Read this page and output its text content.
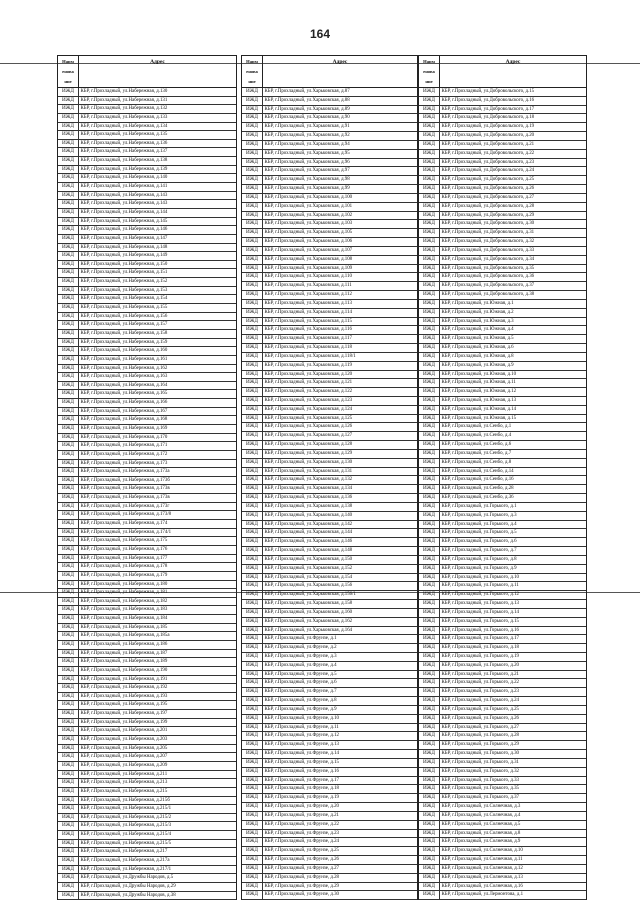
164
Наим
енова
ние
Адрес
ИЖД	КБР, г.Прохладный, ул.Набережная, д.130
ИЖД	КБР, г.Прохладный, ул.Набережная, д.131
ИЖД	КБР, г.Прохладный, ул.Набережная, д.132
ИЖД	КБР, г.Прохладный, ул.Набережная, д.133
ИЖД	КБР, г.Прохладный, ул.Набережная, д.134
ИЖД	КБР, г.Прохладный, ул.Набережная, д.135
ИЖД	КБР, г.Прохладный, ул.Набережная, д.136
ИЖД	КБР, г.Прохладный, ул.Набережная, д.137
ИЖД	КБР, г.Прохладный, ул.Набережная, д.138
ИЖД	КБР, г.Прохладный, ул.Набережная, д.139
ИЖД	КБР, г.Прохладный, ул.Набережная, д.140
ИЖД	КБР, г.Прохладный, ул.Набережная, д.141
ИЖД	КБР, г.Прохладный, ул.Набережная, д.143
ИЖД	КБР, г.Прохладный, ул.Набережная, д.143
ИЖД	КБР, г.Прохладный, ул.Набережная, д.144
ИЖД	КБР, г.Прохладный, ул.Набережная, д.145
ИЖД	КБР, г.Прохладный, ул.Набережная, д.146
ИЖД	КБР, г.Прохладный, ул.Набережная, д.147
ИЖД	КБР, г.Прохладный, ул.Набережная, д.148
ИЖД	КБР, г.Прохладный, ул.Набережная, д.149
ИЖД	КБР, г.Прохладный, ул.Набережная, д.150
ИЖД	КБР, г.Прохладный, ул.Набережная, д.151
ИЖД	КБР, г.Прохладный, ул.Набережная, д.152
ИЖД	КБР, г.Прохладный, ул.Набережная, д.153
ИЖД	КБР, г.Прохладный, ул.Набережная, д.154
ИЖД	КБР, г.Прохладный, ул.Набережная, д.155
ИЖД	КБР, г.Прохладный, ул.Набережная, д.156
ИЖД	КБР, г.Прохладный, ул.Набережная, д.157
ИЖД	КБР, г.Прохладный, ул.Набережная, д.158
ИЖД	КБР, г.Прохладный, ул.Набережная, д.159
ИЖД	КБР, г.Прохладный, ул.Набережная, д.160
ИЖД	КБР, г.Прохладный, ул.Набережная, д.161
ИЖД	КБР, г.Прохладный, ул.Набережная, д.162
ИЖД	КБР, г.Прохладный, ул.Набережная, д.163
ИЖД	КБР, г.Прохладный, ул.Набережная, д.164
ИЖД	КБР, г.Прохладный, ул.Набережная, д.165
ИЖД	КБР, г.Прохладный, ул.Набережная, д.166
ИЖД	КБР, г.Прохладный, ул.Набережная, д.167
ИЖД	КБР, г.Прохладный, ул.Набережная, д.168
ИЖД	КБР, г.Прохладный, ул.Набережная, д.169
ИЖД	КБР, г.Прохладный, ул.Набережная, д.170
ИЖД	КБР, г.Прохладный, ул.Набережная, д.171
ИЖД	КБР, г.Прохладный, ул.Набережная, д.172
ИЖД	КБР, г.Прохладный, ул.Набережная, д.173
ИЖД	КБР, г.Прохладный, ул.Набережная, д.173а
ИЖД	КБР, г.Прохладный, ул.Набережная, д.173б
ИЖД	КБР, г.Прохладный, ул.Набережная, д.173в
ИЖД	КБР, г.Прохладный, ул.Набережная, д.173в
ИЖД	КБР, г.Прохладный, ул.Набережная, д.173г
ИЖД	КБР, г.Прохладный, ул.Набережная, д.173/8
ИЖД	КБР, г.Прохладный, ул.Набережная, д.174
ИЖД	КБР, г.Прохладный, ул.Набережная, д.174/1
ИЖД	КБР, г.Прохладный, ул.Набережная, д.175
ИЖД	КБР, г.Прохладный, ул.Набережная, д.176
ИЖД	КБР, г.Прохладный, ул.Набережная, д.177
ИЖД	КБР, г.Прохладный, ул.Набережная, д.178
ИЖД	КБР, г.Прохладный, ул.Набережная, д.179
ИЖД	КБР, г.Прохладный, ул.Набережная, д.180
ИЖД	КБР, г.Прохладный, ул.Набережная, д.181
ИЖД	КБР, г.Прохладный, ул.Набережная, д.182
ИЖД	КБР, г.Прохладный, ул.Набережная, д.183
ИЖД	КБР, г.Прохладный, ул.Набережная, д.184
ИЖД	КБР, г.Прохладный, ул.Набережная, д.185
ИЖД	КБР, г.Прохладный, ул.Набережная, д.185а
ИЖД	КБР, г.Прохладный, ул.Набережная, д.186
ИЖД	КБР, г.Прохладный, ул.Набережная, д.187
ИЖД	КБР, г.Прохладный, ул.Набережная, д.189
ИЖД	КБР, г.Прохладный, ул.Набережная, д.190
ИЖД	КБР, г.Прохладный, ул.Набережная, д.191
ИЖД	КБР, г.Прохладный, ул.Набережная, д.192
ИЖД	КБР, г.Прохладный, ул.Набережная, д.193
ИЖД	КБР, г.Прохладный, ул.Набережная, д.195
ИЖД	КБР, г.Прохладный, ул.Набережная, д.197
ИЖД	КБР, г.Прохладный, ул.Набережная, д.199
ИЖД	КБР, г.Прохладный, ул.Набережная, д.201
ИЖД	КБР, г.Прохладный, ул.Набережная, д.203
ИЖД	КБР, г.Прохладный, ул.Набережная, д.205
ИЖД	КБР, г.Прохладный, ул.Набережная, д.207
ИЖД	КБР, г.Прохладный, ул.Набережная, д.209
ИЖД	КБР, г.Прохладный, ул.Набережная, д.211
ИЖД	КБР, г.Прохладный, ул.Набережная, д.213
ИЖД	КБР, г.Прохладный, ул.Набережная, д.215
ИЖД	КБР, г.Прохладный, ул.Набережная, д.215б
ИЖД	КБР, г.Прохладный, ул.Набережная, д.215/1
ИЖД	КБР, г.Прохладный, ул.Набережная, д.215/2
ИЖД	КБР, г.Прохладный, ул.Набережная, д.215/3
ИЖД	КБР, г.Прохладный, ул.Набережная, д.215/4
ИЖД	КБР, г.Прохладный, ул.Набережная, д.215/5
ИЖД	КБР, г.Прохладный, ул.Набережная, д.217
ИЖД	КБР, г.Прохладный, ул.Набережная, д.217а
ИЖД	КБР, г.Прохладный, ул.Набережная, д.217/1
ИЖД	КБР, г.Прохладный, ул.Дружбы Народов, д.5
ИЖД	КБР, г.Прохладный, ул.Дружбы Народов, д.29
ИЖД	КБР, г.Прохладный, ул.Дружбы Народов, д.38
Наим
енова
ние
Адрес
ИЖД	КБР, г.Прохладный, ул.Харьковская, д.87
ИЖД	КБР, г.Прохладный, ул.Харьковская, д.88
ИЖД	КБР, г.Прохладный, ул.Харьковская, д.89
ИЖД	КБР, г.Прохладный, ул.Харьковская, д.90
ИЖД	КБР, г.Прохладный, ул.Харьковская, д.91
ИЖД	КБР, г.Прохладный, ул.Харьковская, д.92
ИЖД	КБР, г.Прохладный, ул.Харьковская, д.94
ИЖД	КБР, г.Прохладный, ул.Харьковская, д.95
ИЖД	КБР, г.Прохладный, ул.Харьковская, д.96
ИЖД	КБР, г.Прохладный, ул.Харьковская, д.97
ИЖД	КБР, г.Прохладный, ул.Харьковская, д.98
ИЖД	КБР, г.Прохладный, ул.Харьковская, д.99
ИЖД	КБР, г.Прохладный, ул.Харьковская, д.100
ИЖД	КБР, г.Прохладный, ул.Харьковская, д.101
ИЖД	КБР, г.Прохладный, ул.Харьковская, д.102
ИЖД	КБР, г.Прохладный, ул.Харьковская, д.103
ИЖД	КБР, г.Прохладный, ул.Харьковская, д.105
ИЖД	КБР, г.Прохладный, ул.Харьковская, д.106
ИЖД	КБР, г.Прохладный, ул.Харьковская, д.107
ИЖД	КБР, г.Прохладный, ул.Харьковская, д.108
ИЖД	КБР, г.Прохладный, ул.Харьковская, д.109
ИЖД	КБР, г.Прохладный, ул.Харьковская, д.110
ИЖД	КБР, г.Прохладный, ул.Харьковская, д.111
ИЖД	КБР, г.Прохладный, ул.Харьковская, д.112
ИЖД	КБР, г.Прохладный, ул.Харьковская, д.113
ИЖД	КБР, г.Прохладный, ул.Харьковская, д.114
ИЖД	КБР, г.Прохладный, ул.Харьковская, д.115
ИЖД	КБР, г.Прохладный, ул.Харьковская, д.116
ИЖД	КБР, г.Прохладный, ул.Харьковская, д.117
ИЖД	КБР, г.Прохладный, ул.Харьковская, д.118
ИЖД	КБР, г.Прохладный, ул.Харьковская, д.118/1
ИЖД	КБР, г.Прохладный, ул.Харьковская, д.119
ИЖД	КБР, г.Прохладный, ул.Харьковская, д.120
ИЖД	КБР, г.Прохладный, ул.Харьковская, д.121
ИЖД	КБР, г.Прохладный, ул.Харьковская, д.122
ИЖД	КБР, г.Прохладный, ул.Харьковская, д.123
ИЖД	КБР, г.Прохладный, ул.Харьковская, д.124
ИЖД	КБР, г.Прохладный, ул.Харьковская, д.125
ИЖД	КБР, г.Прохладный, ул.Харьковская, д.126
ИЖД	КБР, г.Прохладный, ул.Харьковская, д.127
ИЖД	КБР, г.Прохладный, ул.Харьковская, д.128
ИЖД	КБР, г.Прохладный, ул.Харьковская, д.129
ИЖД	КБР, г.Прохладный, ул.Харьковская, д.130
ИЖД	КБР, г.Прохладный, ул.Харьковская, д.131
ИЖД	КБР, г.Прохладный, ул.Харьковская, д.132
ИЖД	КБР, г.Прохладный, ул.Харьковская, д.134
ИЖД	КБР, г.Прохладный, ул.Харьковская, д.136
ИЖД	КБР, г.Прохладный, ул.Харьковская, д.138
ИЖД	КБР, г.Прохладный, ул.Харьковская, д.140
ИЖД	КБР, г.Прохладный, ул.Харьковская, д.142
ИЖД	КБР, г.Прохладный, ул.Харьковская, д.144
ИЖД	КБР, г.Прохладный, ул.Харьковская, д.146
ИЖД	КБР, г.Прохладный, ул.Харьковская, д.148
ИЖД	КБР, г.Прохладный, ул.Харьковская, д.150
ИЖД	КБР, г.Прохладный, ул.Харьковская, д.152
ИЖД	КБР, г.Прохладный, ул.Харьковская, д.154
ИЖД	КБР, г.Прохладный, ул.Харьковская, д.156
ИЖД	КБР, г.Прохладный, ул.Харьковская, д.156/1
ИЖД	КБР, г.Прохладный, ул.Харьковская, д.158
ИЖД	КБР, г.Прохладный, ул.Харьковская, д.160
ИЖД	КБР, г.Прохладный, ул.Харьковская, д.162
ИЖД	КБР, г.Прохладный, ул.Харьковская, д.164
ИЖД	КБР, г.Прохладный, ул.Фрунзе, д.1
ИЖД	КБР, г.Прохладный, ул.Фрунзе, д.2
ИЖД	КБР, г.Прохладный, ул.Фрунзе, д.3
ИЖД	КБР, г.Прохладный, ул.Фрунзе, д.4
ИЖД	КБР, г.Прохладный, ул.Фрунзе, д.5
ИЖД	КБР, г.Прохладный, ул.Фрунзе, д.6
ИЖД	КБР, г.Прохладный, ул.Фрунзе, д.7
ИЖД	КБР, г.Прохладный, ул.Фрунзе, д.8
ИЖД	КБР, г.Прохладный, ул.Фрунзе, д.9
ИЖД	КБР, г.Прохладный, ул.Фрунзе, д.10
ИЖД	КБР, г.Прохладный, ул.Фрунзе, д.11
ИЖД	КБР, г.Прохладный, ул.Фрунзе, д.12
ИЖД	КБР, г.Прохладный, ул.Фрунзе, д.13
ИЖД	КБР, г.Прохладный, ул.Фрунзе, д.14
ИЖД	КБР, г.Прохладный, ул.Фрунзе, д.15
ИЖД	КБР, г.Прохладный, ул.Фрунзе, д.16
ИЖД	КБР, г.Прохладный, ул.Фрунзе, д.17
ИЖД	КБР, г.Прохладный, ул.Фрунзе, д.18
ИЖД	КБР, г.Прохладный, ул.Фрунзе, д.19
ИЖД	КБР, г.Прохладный, ул.Фрунзе, д.20
ИЖД	КБР, г.Прохладный, ул.Фрунзе, д.21
ИЖД	КБР, г.Прохладный, ул.Фрунзе, д.22
ИЖД	КБР, г.Прохладный, ул.Фрунзе, д.23
ИЖД	КБР, г.Прохладный, ул.Фрунзе, д.24
ИЖД	КБР, г.Прохладный, ул.Фрунзе, д.25
ИЖД	КБР, г.Прохладный, ул.Фрунзе, д.26
ИЖД	КБР, г.Прохладный, ул.Фрунзе, д.27
ИЖД	КБР, г.Прохладный, ул.Фрунзе, д.28
ИЖД	КБР, г.Прохладный, ул.Фрунзе, д.29
ИЖД	КБР, г.Прохладный, ул.Фрунзе, д.30
Наим
енова
ние
Адрес
ИЖД	КБР, г.Прохладный, ул.Добровольского, д.15
ИЖД	КБР, г.Прохладный, ул.Добровольского, д.16
ИЖД	КБР, г.Прохладный, ул.Добровольского, д.17
ИЖД	КБР, г.Прохладный, ул.Добровольского, д.18
ИЖД	КБР, г.Прохладный, ул.Добровольского, д.19
ИЖД	КБР, г.Прохладный, ул.Добровольского, д.20
ИЖД	КБР, г.Прохладный, ул.Добровольского, д.21
ИЖД	КБР, г.Прохладный, ул.Добровольского, д.22
ИЖД	КБР, г.Прохладный, ул.Добровольского, д.23
ИЖД	КБР, г.Прохладный, ул.Добровольского, д.24
ИЖД	КБР, г.Прохладный, ул.Добровольского, д.25
ИЖД	КБР, г.Прохладный, ул.Добровольского, д.26
ИЖД	КБР, г.Прохладный, ул.Добровольского, д.27
ИЖД	КБР, г.Прохладный, ул.Добровольского, д.28
ИЖД	КБР, г.Прохладный, ул.Добровольского, д.29
ИЖД	КБР, г.Прохладный, ул.Добровольского, д.30
ИЖД	КБР, г.Прохладный, ул.Добровольского, д.31
ИЖД	КБР, г.Прохладный, ул.Добровольского, д.32
ИЖД	КБР, г.Прохладный, ул.Добровольского, д.33
ИЖД	КБР, г.Прохладный, ул.Добровольского, д.34
ИЖД	КБР, г.Прохладный, ул.Добровольского, д.35
ИЖД	КБР, г.Прохладный, ул.Добровольского, д.36
ИЖД	КБР, г.Прохладный, ул.Добровольского, д.37
ИЖД	КБР, г.Прохладный, ул.Добровольского, д.38
ИЖД	КБР, г.Прохладный, ул.Южная, д.1
ИЖД	КБР, г.Прохладный, ул.Южная, д.2
ИЖД	КБР, г.Прохладный, ул.Южная, д.3
ИЖД	КБР, г.Прохладный, ул.Южная, д.4
ИЖД	КБР, г.Прохладный, ул.Южная, д.5
ИЖД	КБР, г.Прохладный, ул.Южная, д.6
ИЖД	КБР, г.Прохладный, ул.Южная, д.8
ИЖД	КБР, г.Прохладный, ул.Южная, д.9
ИЖД	КБР, г.Прохладный, ул.Южная, д.10
ИЖД	КБР, г.Прохладный, ул.Южная, д.11
ИЖД	КБР, г.Прохладный, ул.Южная, д.12
ИЖД	КБР, г.Прохладный, ул.Южная, д.13
ИЖД	КБР, г.Прохладный, ул.Южная, д.14
ИЖД	КБР, г.Прохладный, ул.Южная, д.15
ИЖД	КБР, г.Прохладный, ул.Сенбо, д.1
ИЖД	КБР, г.Прохладный, ул.Сенбо, д.4
ИЖД	КБР, г.Прохладный, ул.Сенбо, д.6
ИЖД	КБР, г.Прохладный, ул.Сенбо, д.7
ИЖД	КБР, г.Прохладный, ул.Сенбо, д.8
ИЖД	КБР, г.Прохладный, ул.Сенбо, д.14
ИЖД	КБР, г.Прохладный, ул.Сенбо, д.16
ИЖД	КБР, г.Прохладный, ул.Сенбо, д.28
ИЖД	КБР, г.Прохладный, ул.Сенбо, д.36
ИЖД	КБР, г.Прохладный, ул.Горького, д.1
ИЖД	КБР, г.Прохладный, ул.Горького, д.3
ИЖД	КБР, г.Прохладный, ул.Горького, д.4
ИЖД	КБР, г.Прохладный, ул.Горького, д.5
ИЖД	КБР, г.Прохладный, ул.Горького, д.6
ИЖД	КБР, г.Прохладный, ул.Горького, д.7
ИЖД	КБР, г.Прохладный, ул.Горького, д.8
ИЖД	КБР, г.Прохладный, ул.Горького, д.9
ИЖД	КБР, г.Прохладный, ул.Горького, д.10
ИЖД	КБР, г.Прохладный, ул.Горького, д.11
ИЖД	КБР, г.Прохладный, ул.Горького, д.12
ИЖД	КБР, г.Прохладный, ул.Горького, д.13
ИЖД	КБР, г.Прохладный, ул.Горького, д.14
ИЖД	КБР, г.Прохладный, ул.Горького, д.15
ИЖД	КБР, г.Прохладный, ул.Горького, д.16
ИЖД	КБР, г.Прохладный, ул.Горького, д.17
ИЖД	КБР, г.Прохладный, ул.Горького, д.18
ИЖД	КБР, г.Прохладный, ул.Горького, д.19
ИЖД	КБР, г.Прохладный, ул.Горького, д.20
ИЖД	КБР, г.Прохладный, ул.Горького, д.21
ИЖД	КБР, г.Прохладный, ул.Горького, д.22
ИЖД	КБР, г.Прохладный, ул.Горького, д.23
ИЖД	КБР, г.Прохладный, ул.Горького, д.24
ИЖД	КБР, г.Прохладный, ул.Горького, д.25
ИЖД	КБР, г.Прохладный, ул.Горького, д.26
ИЖД	КБР, г.Прохладный, ул.Горького, д.27
ИЖД	КБР, г.Прохладный, ул.Горького, д.28
ИЖД	КБР, г.Прохладный, ул.Горького, д.29
ИЖД	КБР, г.Прохладный, ул.Горького, д.30
ИЖД	КБР, г.Прохладный, ул.Горького, д.31
ИЖД	КБР, г.Прохладный, ул.Горького, д.32
ИЖД	КБР, г.Прохладный, ул.Горького, д.33
ИЖД	КБР, г.Прохладный, ул.Горького, д.35
ИЖД	КБР, г.Прохладный, ул.Горького, д.37
ИЖД	КБР, г.Прохладный, ул.Солнечная, д.3
ИЖД	КБР, г.Прохладный, ул.Солнечная, д.4
ИЖД	КБР, г.Прохладный, ул.Солнечная, д.5
ИЖД	КБР, г.Прохладный, ул.Солнечная, д.8
ИЖД	КБР, г.Прохладный, ул.Солнечная, д.9
ИЖД	КБР, г.Прохладный, ул.Солнечная, д.10
ИЖД	КБР, г.Прохладный, ул.Солнечная, д.11
ИЖД	КБР, г.Прохладный, ул.Солнечная, д.12
ИЖД	КБР, г.Прохладный, ул.Солнечная, д.13
ИЖД	КБР, г.Прохладный, ул.Солнечная, д.16
ИЖД	КБР, г.Прохладный, ул.Лермонтова, д.1
